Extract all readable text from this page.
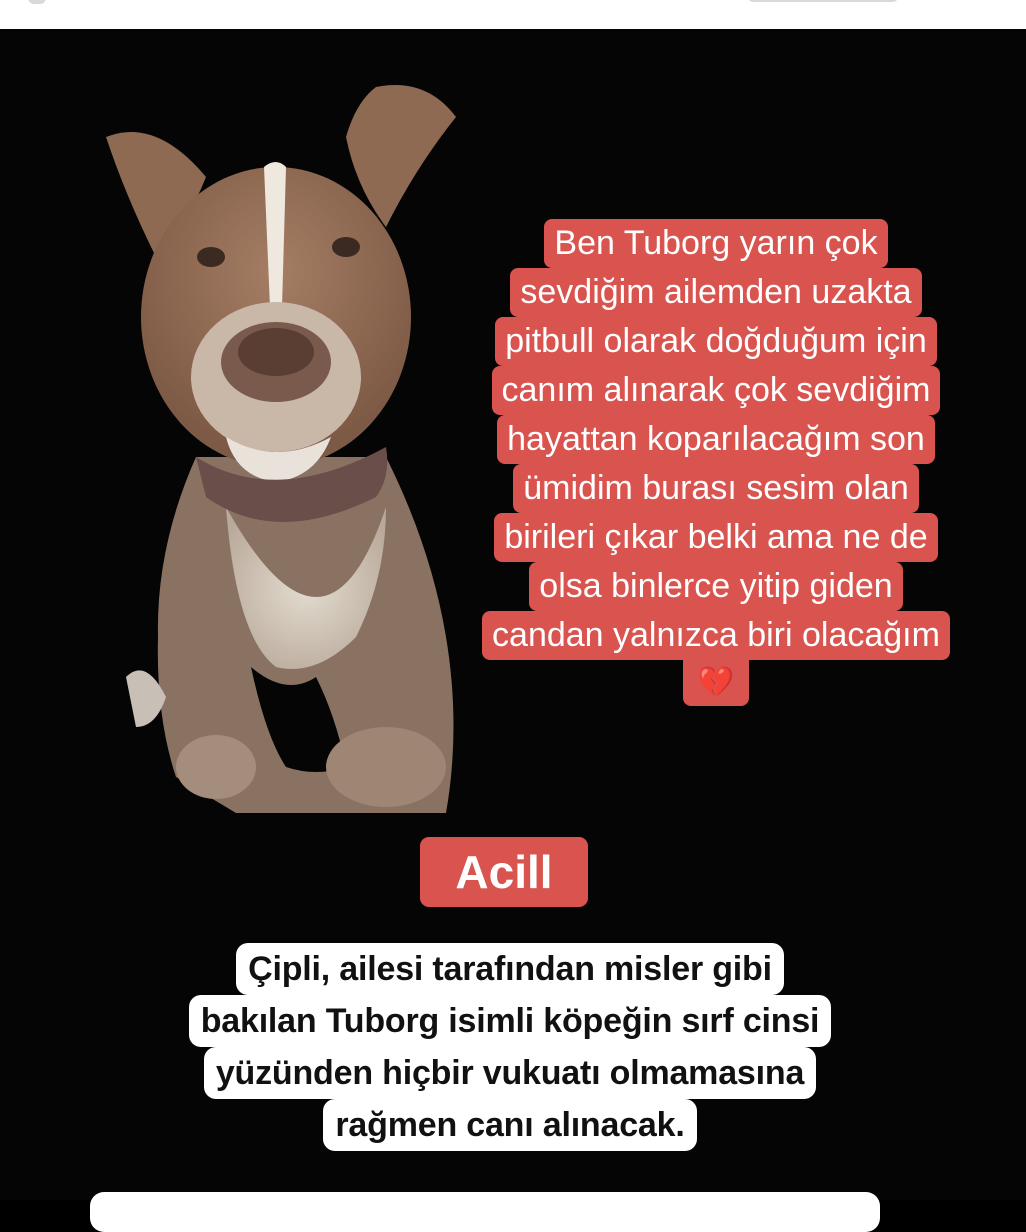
Ben Tuborg yarın çok
sevdiğim ailemden uzakta
pitbull olarak doğduğum için
canım alınarak çok sevdiğim
hayattan koparılacağım son
ümidim burası sesim olan
birileri çıkar belki ama ne de
olsa binlerce yitip giden
candan yalnızca biri olacağım
💔
Acill
Çipli, ailesi tarafından misler gibi
bakılan Tuborg isimli köpeğin sırf cinsi
yüzünden hiçbir vukuatı olmamasına
rağmen canı alınacak.
